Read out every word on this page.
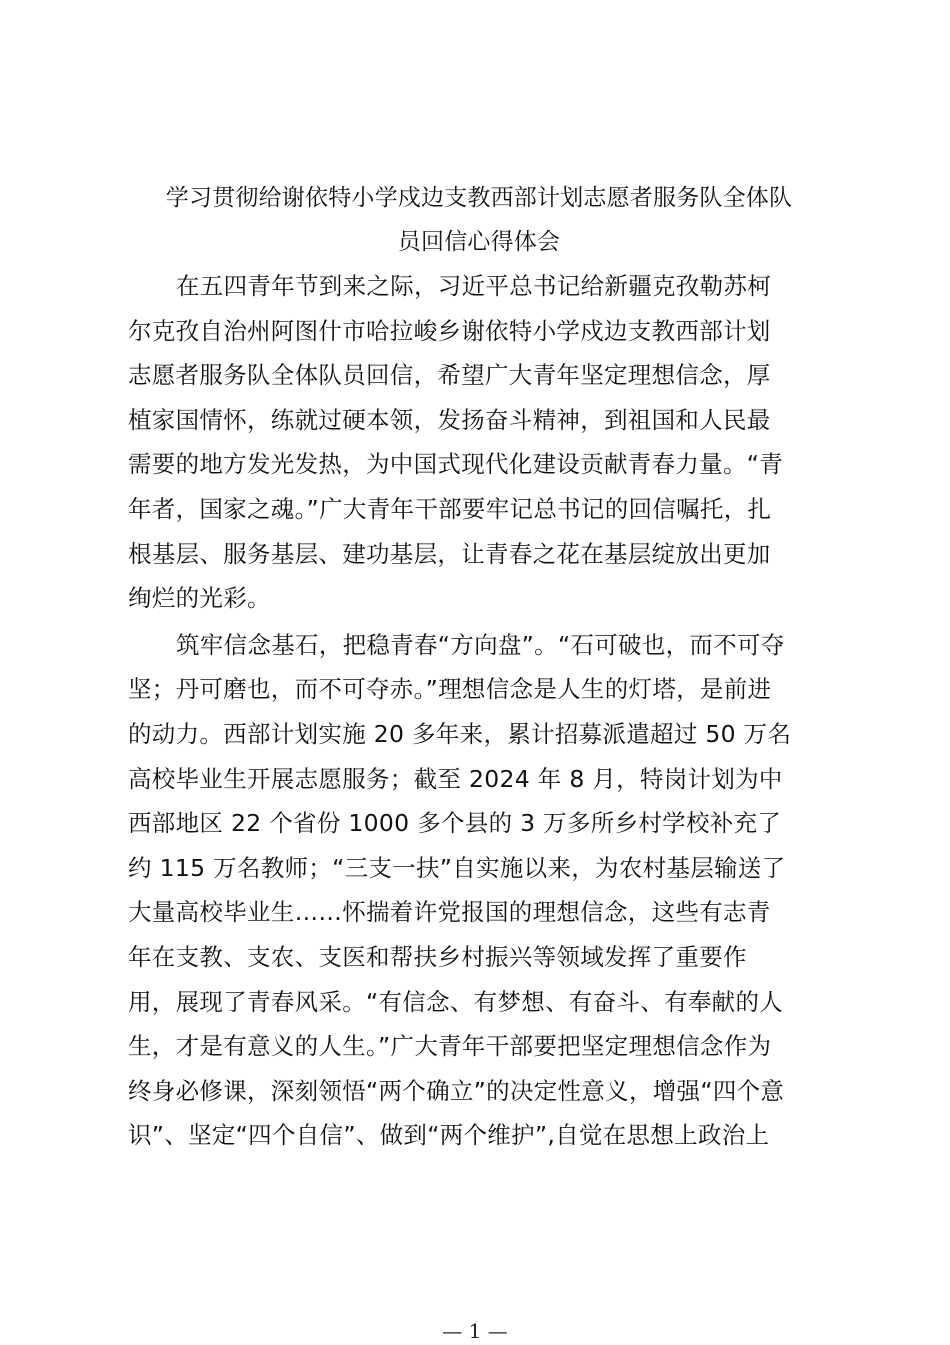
学习贯彻给谢依特小学戍边支教西部计划志愿者服务队全体队
员回信心得体会
在五四青年节到来之际，习近平总书记给新疆克孜勒苏柯
尔克孜自治州阿图什市哈拉峻乡谢依特小学戍边支教西部计划
志愿者服务队全体队员回信，希望广大青年坚定理想信念，厚
植家国情怀，练就过硬本领，发扬奋斗精神，到祖国和人民最
需要的地方发光发热，为中国式现代化建设贡献青春力量。“青
年者，国家之魂。”广大青年干部要牢记总书记的回信嘱托，扎
根基层、服务基层、建功基层，让青春之花在基层绽放出更加
绚烂的光彩。
筑牢信念基石，把稳青春“方向盘”。“石可破也，而不可夺
坚；丹可磨也，而不可夺赤。”理想信念是人生的灯塔，是前进
的动力。西部计划实施 20 多年来，累计招募派遣超过 50 万名
高校毕业生开展志愿服务；截至 2024 年 8 月，特岗计划为中
西部地区 22 个省份 1000 多个县的 3 万多所乡村学校补充了
约 115 万名教师；“三支一扶”自实施以来，为农村基层输送了
大量高校毕业生……怀揣着许党报国的理想信念，这些有志青
年在支教、支农、支医和帮扶乡村振兴等领域发挥了重要作
用，展现了青春风采。“有信念、有梦想、有奋斗、有奉献的人
生，才是有意义的人生。”广大青年干部要把坚定理想信念作为
终身必修课，深刻领悟“两个确立”的决定性意义，增强“四个意
识”、坚定“四个自信”、做到“两个维护”,自觉在思想上政治上
— 1 —
